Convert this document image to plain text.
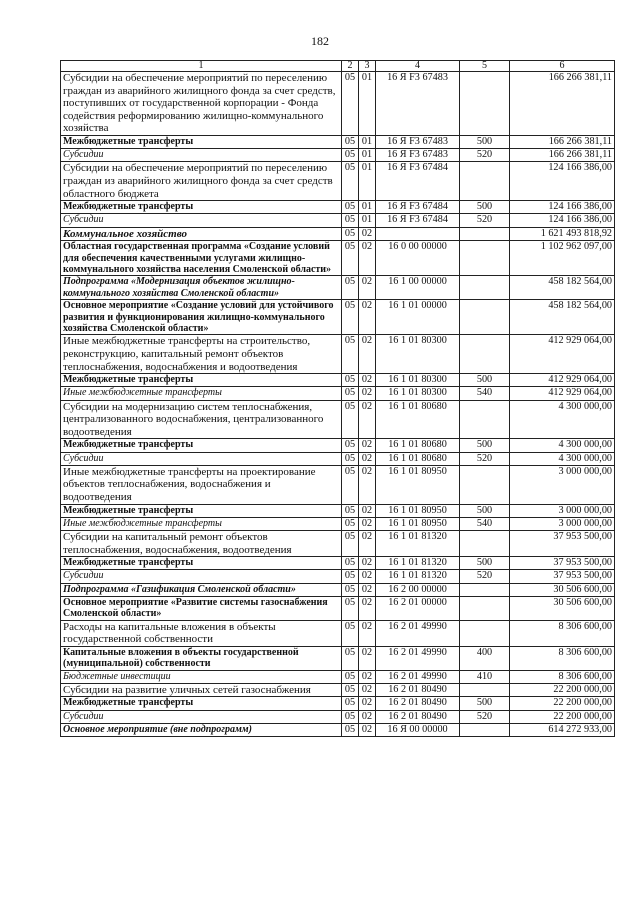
182
1	2	3	4	5	6
Субсидии на обеспечение мероприятий по переселению граждан из аварийного жилищного фонда за счет средств, поступивших от государственной корпорации - Фонда содействия реформированию жилищно-коммунального хозяйства	05	01	16 Я F3 67483		166 266 381,11
Межбюджетные трансферты	05	01	16 Я F3 67483	500	166 266 381,11
Субсидии	05	01	16 Я F3 67483	520	166 266 381,11
Субсидии на обеспечение мероприятий по переселению граждан из аварийного жилищного фонда за счет средств областного бюджета	05	01	16 Я F3 67484		124 166 386,00
Межбюджетные трансферты	05	01	16 Я F3 67484	500	124 166 386,00
Субсидии	05	01	16 Я F3 67484	520	124 166 386,00
Коммунальное хозяйство	05	02			1 621 493 818,92
Областная государственная программа «Создание условий для обеспечения качественными услугами жилищно-коммунального хозяйства населения Смоленской области»	05	02	16 0 00 00000		1 102 962 097,00
Подпрограмма «Модернизация объектов жилищно-коммунального хозяйства Смоленской области»	05	02	16 1 00 00000		458 182 564,00
Основное мероприятие «Создание условий для устойчивого развития и функционирования жилищно-коммунального хозяйства Смоленской области»	05	02	16 1 01 00000		458 182 564,00
Иные межбюджетные трансферты на строительство, реконструкцию, капитальный ремонт объектов теплоснабжения, водоснабжения и водоотведения	05	02	16 1 01 80300		412 929 064,00
Межбюджетные трансферты	05	02	16 1 01 80300	500	412 929 064,00
Иные межбюджетные трансферты	05	02	16 1 01 80300	540	412 929 064,00
Субсидии на модернизацию систем теплоснабжения, централизованного водоснабжения, централизованного водоотведения	05	02	16 1 01 80680		4 300 000,00
Межбюджетные трансферты	05	02	16 1 01 80680	500	4 300 000,00
Субсидии	05	02	16 1 01 80680	520	4 300 000,00
Иные межбюджетные трансферты на проектирование объектов теплоснабжения, водоснабжения и водоотведения	05	02	16 1 01 80950		3 000 000,00
Межбюджетные трансферты	05	02	16 1 01 80950	500	3 000 000,00
Иные межбюджетные трансферты	05	02	16 1 01 80950	540	3 000 000,00
Субсидии на капитальный ремонт объектов теплоснабжения, водоснабжения, водоотведения	05	02	16 1 01 81320		37 953 500,00
Межбюджетные трансферты	05	02	16 1 01 81320	500	37 953 500,00
Субсидии	05	02	16 1 01 81320	520	37 953 500,00
Подпрограмма «Газификация Смоленской области»	05	02	16 2 00 00000		30 506 600,00
Основное мероприятие «Развитие системы газоснабжения Смоленской области»	05	02	16 2 01 00000		30 506 600,00
Расходы на капитальные вложения в объекты государственной собственности	05	02	16 2 01 49990		8 306 600,00
Капитальные вложения в объекты государственной (муниципальной) собственности	05	02	16 2 01 49990	400	8 306 600,00
Бюджетные инвестиции	05	02	16 2 01 49990	410	8 306 600,00
Субсидии на развитие уличных сетей газоснабжения	05	02	16 2 01 80490		22 200 000,00
Межбюджетные трансферты	05	02	16 2 01 80490	500	22 200 000,00
Субсидии	05	02	16 2 01 80490	520	22 200 000,00
Основное мероприятие (вне подпрограмм)	05	02	16 Я 00 00000		614 272 933,00
